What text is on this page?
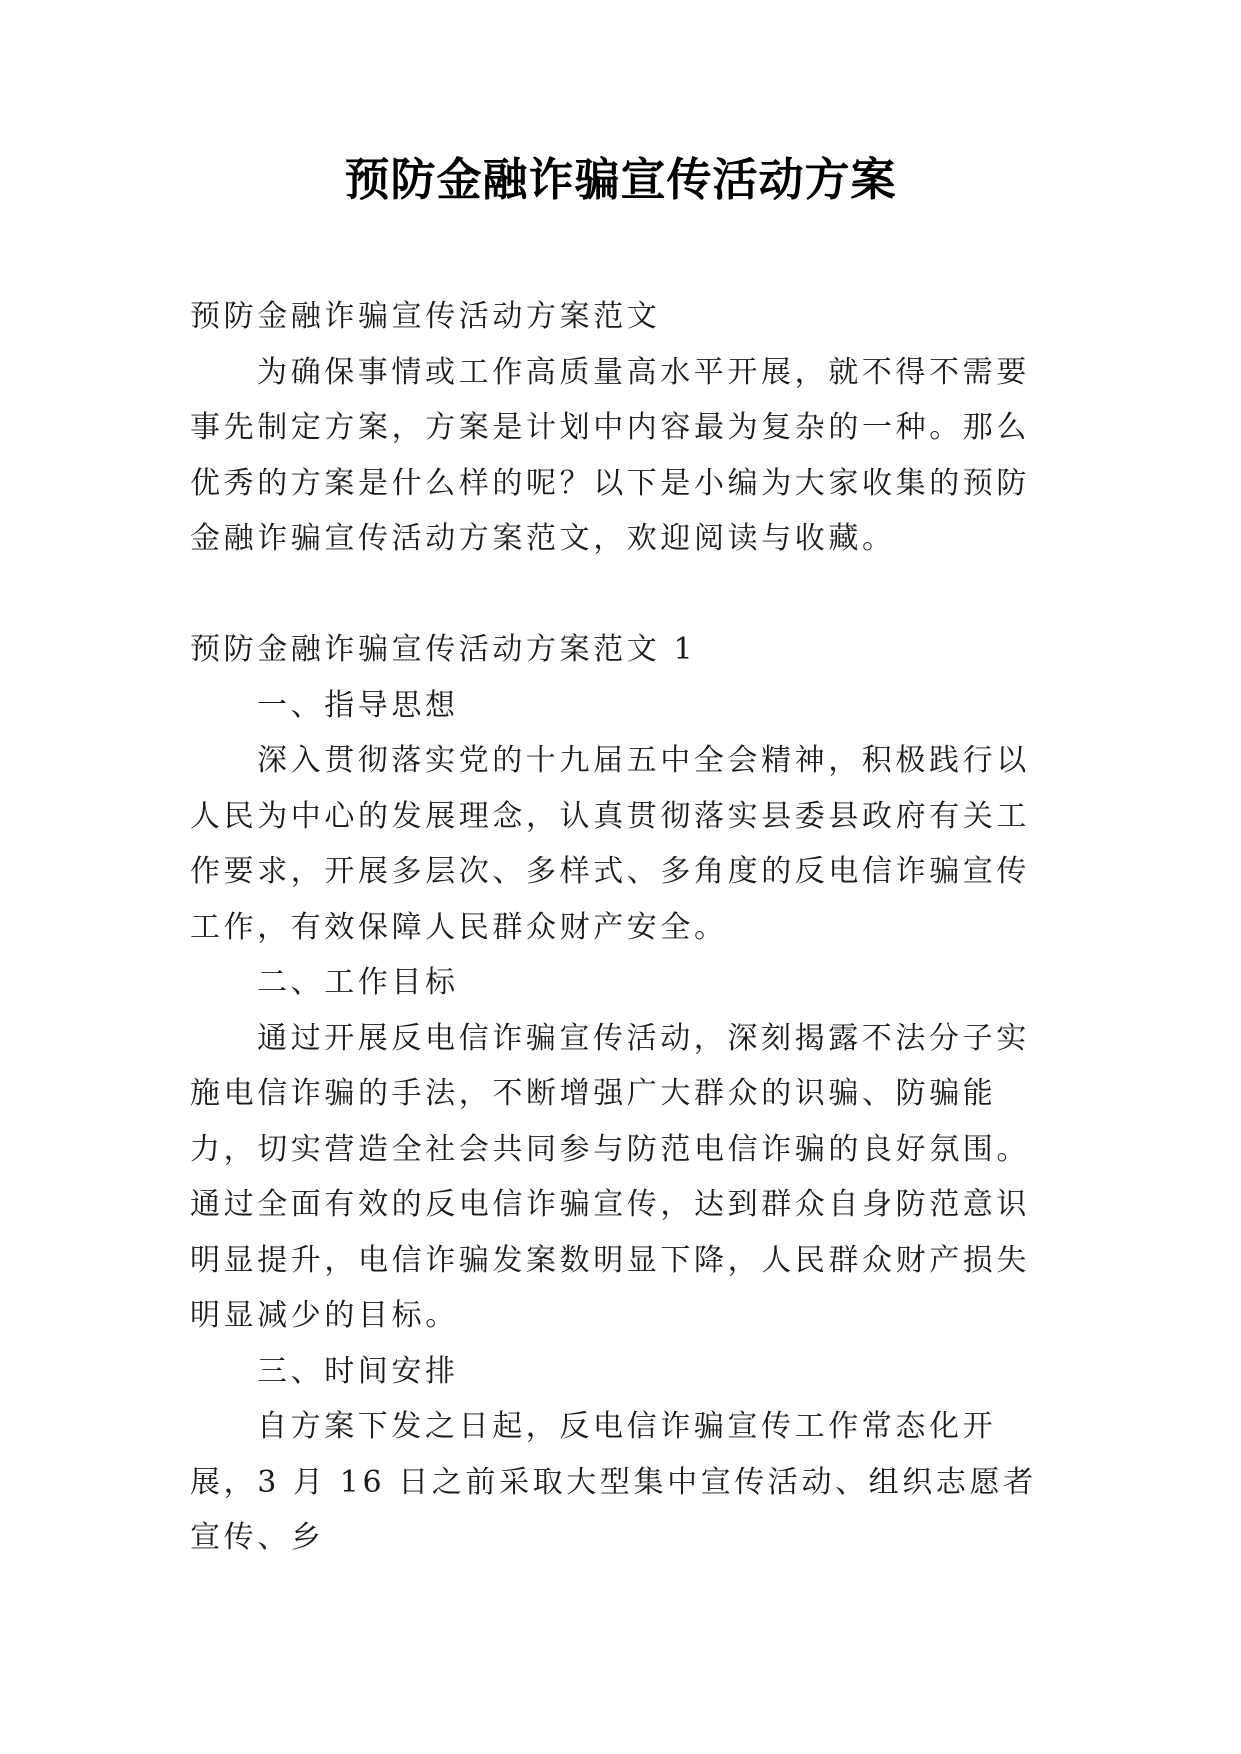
预防金融诈骗宣传活动方案

预防金融诈骗宣传活动方案范文

为确保事情或工作高质量高水平开展，就不得不需要事先制定方案，方案是计划中内容最为复杂的一种。那么优秀的方案是什么样的呢？以下是小编为大家收集的预防金融诈骗宣传活动方案范文，欢迎阅读与收藏。

预防金融诈骗宣传活动方案范文 1

一、指导思想

深入贯彻落实党的十九届五中全会精神，积极践行以人民为中心的发展理念，认真贯彻落实县委县政府有关工作要求，开展多层次、多样式、多角度的反电信诈骗宣传工作，有效保障人民群众财产安全。

二、工作目标

通过开展反电信诈骗宣传活动，深刻揭露不法分子实施电信诈骗的手法，不断增强广大群众的识骗、防骗能力，切实营造全社会共同参与防范电信诈骗的良好氛围。通过全面有效的反电信诈骗宣传，达到群众自身防范意识明显提升，电信诈骗发案数明显下降，人民群众财产损失明显减少的目标。

三、时间安排

自方案下发之日起，反电信诈骗宣传工作常态化开展，3 月 16 日之前采取大型集中宣传活动、组织志愿者宣传、乡
